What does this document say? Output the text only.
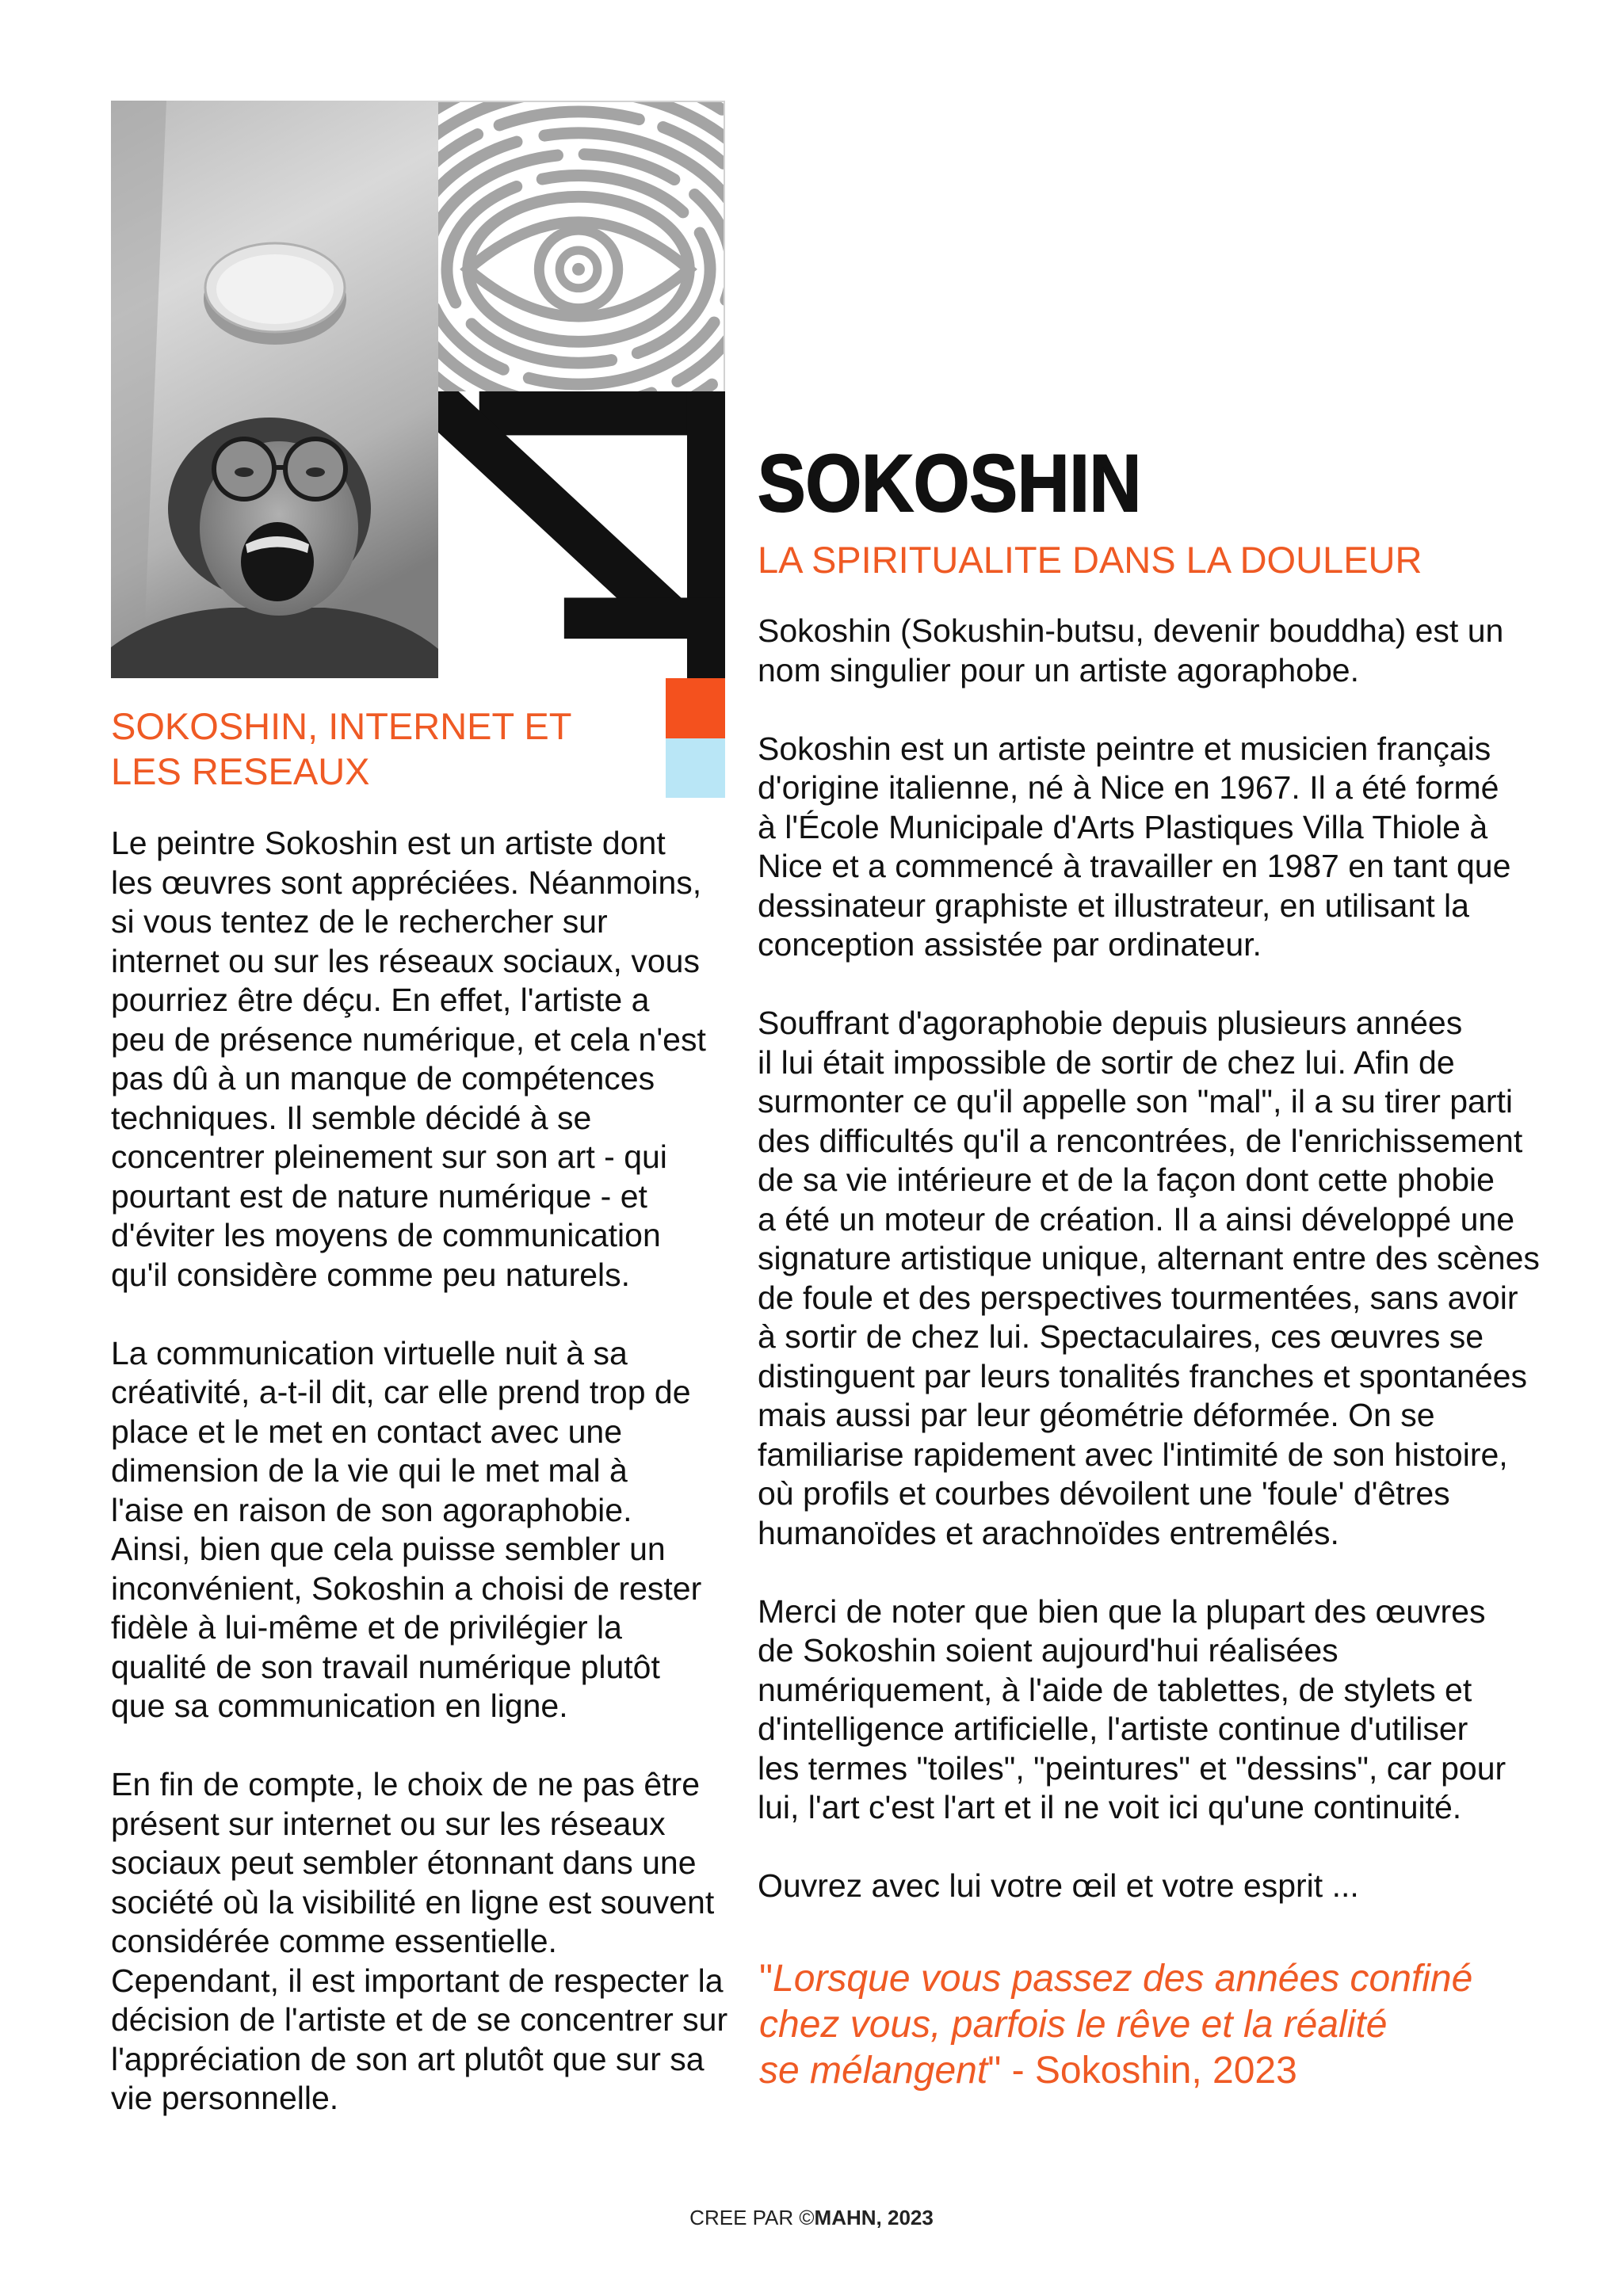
SOKOSHIN, INTERNET ET
LES RESEAUX

Le peintre Sokoshin est un artiste dont
les œuvres sont appréciées. Néanmoins,
si vous tentez de le rechercher sur
internet ou sur les réseaux sociaux, vous
pourriez être déçu. En effet, l'artiste a
peu de présence numérique, et cela n'est
pas dû à un manque de compétences
techniques. Il semble décidé à se
concentrer pleinement sur son art - qui
pourtant est de nature numérique - et
d'éviter les moyens de communication
qu'il considère comme peu naturels.

La communication virtuelle nuit à sa
créativité, a-t-il dit, car elle prend trop de
place et le met en contact avec une
dimension de la vie qui le met mal à
l'aise en raison de son agoraphobie.
Ainsi, bien que cela puisse sembler un
inconvénient, Sokoshin a choisi de rester
fidèle à lui-même et de privilégier la
qualité de son travail numérique plutôt
que sa communication en ligne.

En fin de compte, le choix de ne pas être
présent sur internet ou sur les réseaux
sociaux peut sembler étonnant dans une
société où la visibilité en ligne est souvent
considérée comme essentielle.
Cependant, il est important de respecter la
décision de l'artiste et de se concentrer sur
l'appréciation de son art plutôt que sur sa
vie personnelle.

SOKOSHIN
LA SPIRITUALITE DANS LA DOULEUR

Sokoshin (Sokushin-butsu, devenir bouddha) est un
nom singulier pour un artiste agoraphobe.

Sokoshin est un artiste peintre et musicien français
d'origine italienne, né à Nice en 1967. Il a été formé
à l'École Municipale d'Arts Plastiques Villa Thiole à
Nice et a commencé à travailler en 1987 en tant que
dessinateur graphiste et illustrateur, en utilisant la
conception assistée par ordinateur.

Souffrant d'agoraphobie depuis plusieurs années
il lui était impossible de sortir de chez lui. Afin de
surmonter ce qu'il appelle son "mal", il a su tirer parti
des difficultés qu'il a rencontrées, de l'enrichissement
de sa vie intérieure et de la façon dont cette phobie
a été un moteur de création. Il a ainsi développé une
signature artistique unique, alternant entre des scènes
de foule et des perspectives tourmentées, sans avoir
à sortir de chez lui. Spectaculaires, ces œuvres se
distinguent par leurs tonalités franches et spontanées
mais aussi par leur géométrie déformée. On se
familiarise rapidement avec l'intimité de son histoire,
où profils et courbes dévoilent une 'foule' d'êtres
humanoïdes et arachnoïdes entremêlés.

Merci de noter que bien que la plupart des œuvres
de Sokoshin soient aujourd'hui réalisées
numériquement, à l'aide de tablettes, de stylets et
d'intelligence artificielle, l'artiste continue d'utiliser
les termes "toiles", "peintures" et "dessins", car pour
lui, l'art c'est l'art et il ne voit ici qu'une continuité.

Ouvrez avec lui votre œil et votre esprit ...

"Lorsque vous passez des années confiné
chez vous, parfois le rêve et la réalité
se mélangent" - Sokoshin, 2023

CREE PAR ©MAHN, 2023
